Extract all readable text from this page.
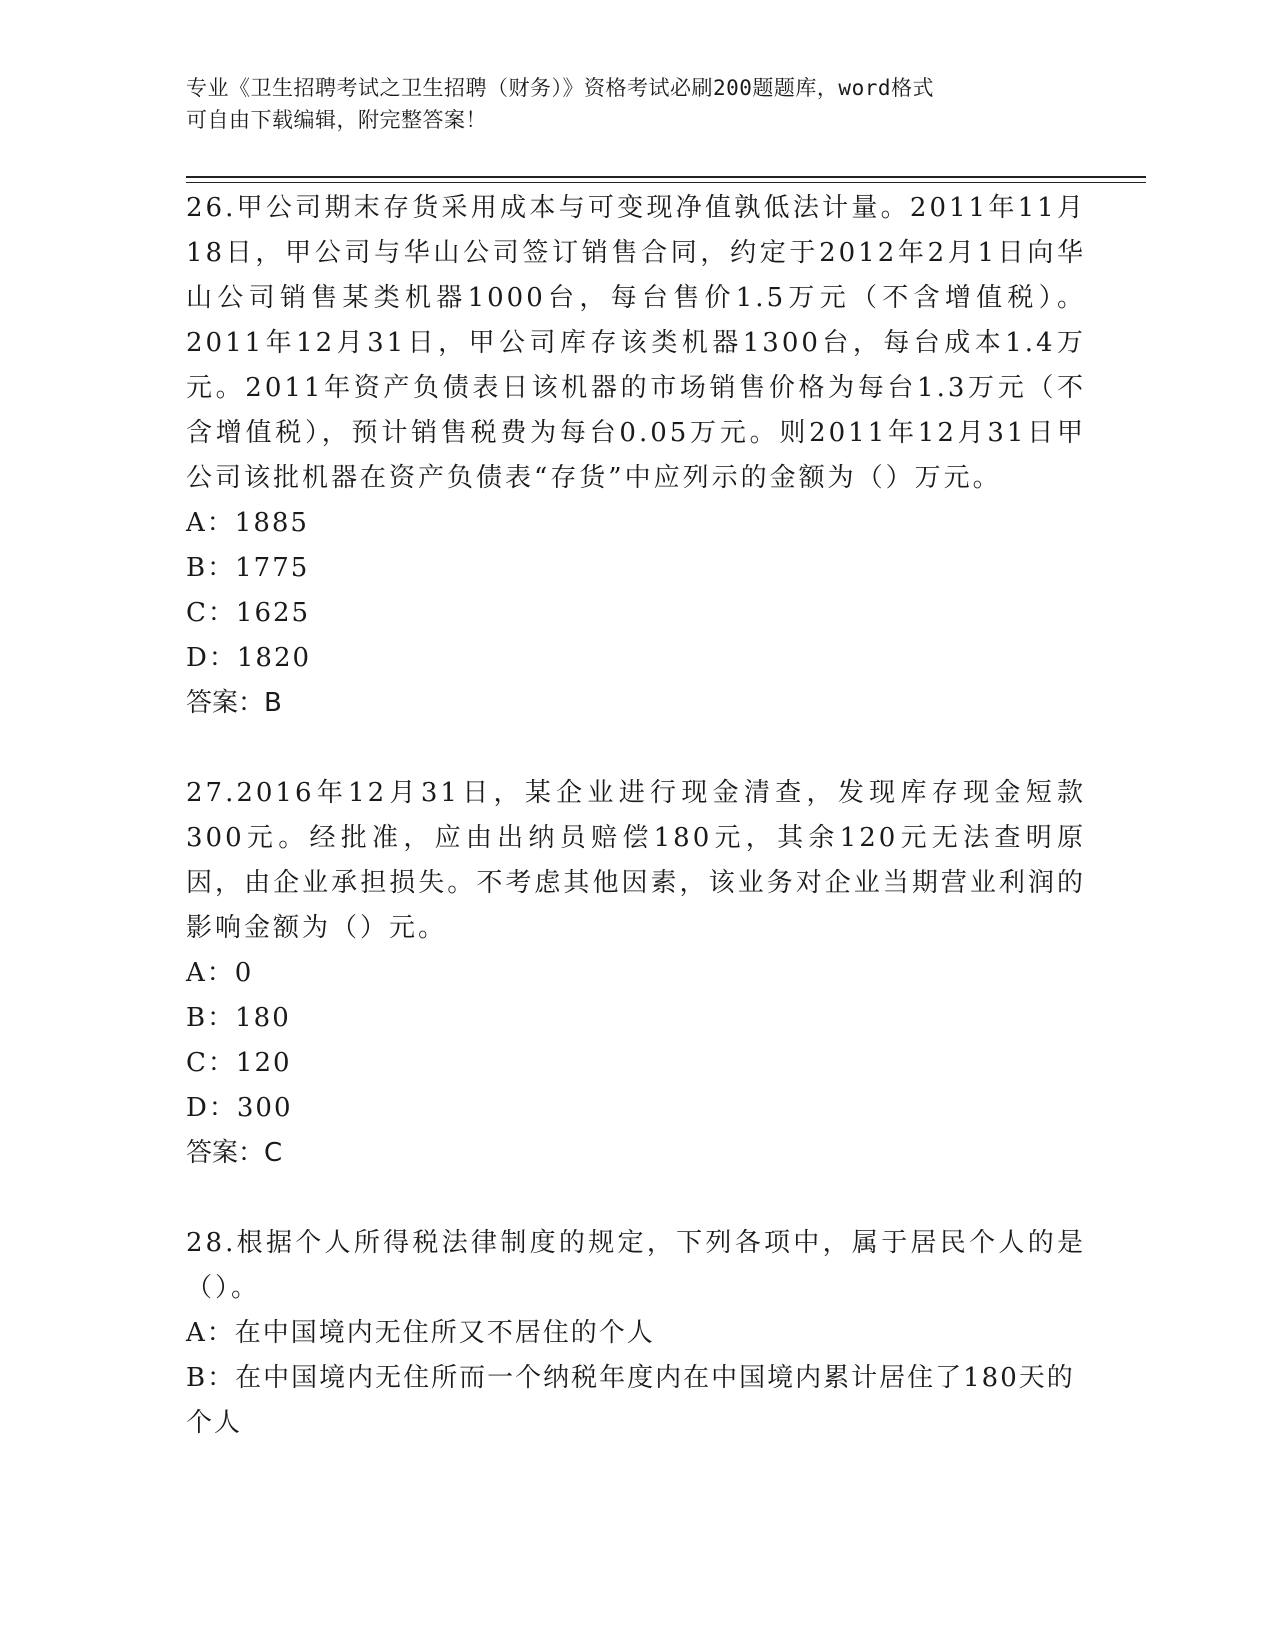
专业《卫生招聘考试之卫生招聘（财务）》资格考试必刷200题题库，word格式
可自由下载编辑，附完整答案！

26.甲公司期末存货采用成本与可变现净值孰低法计量。2011年11月18日，甲公司与华山公司签订销售合同，约定于2012年2月1日向华山公司销售某类机器1000台，每台售价1.5万元（不含增值税）。2011年12月31日，甲公司库存该类机器1300台，每台成本1.4万元。2011年资产负债表日该机器的市场销售价格为每台1.3万元（不含增值税），预计销售税费为每台0.05万元。则2011年12月31日甲公司该批机器在资产负债表“存货”中应列示的金额为（）万元。

A：1885

B：1775

C：1625

D：1820

答案：B

27.2016年12月31日，某企业进行现金清查，发现库存现金短款300元。经批准，应由出纳员赔偿180元，其余120元无法查明原因，由企业承担损失。不考虑其他因素，该业务对企业当期营业利润的影响金额为（）元。

A：0

B：180

C：120

D：300

答案：C

28.根据个人所得税法律制度的规定，下列各项中，属于居民个人的是（）。

A：在中国境内无住所又不居住的个人

B：在中国境内无住所而一个纳税年度内在中国境内累计居住了180天的个人
